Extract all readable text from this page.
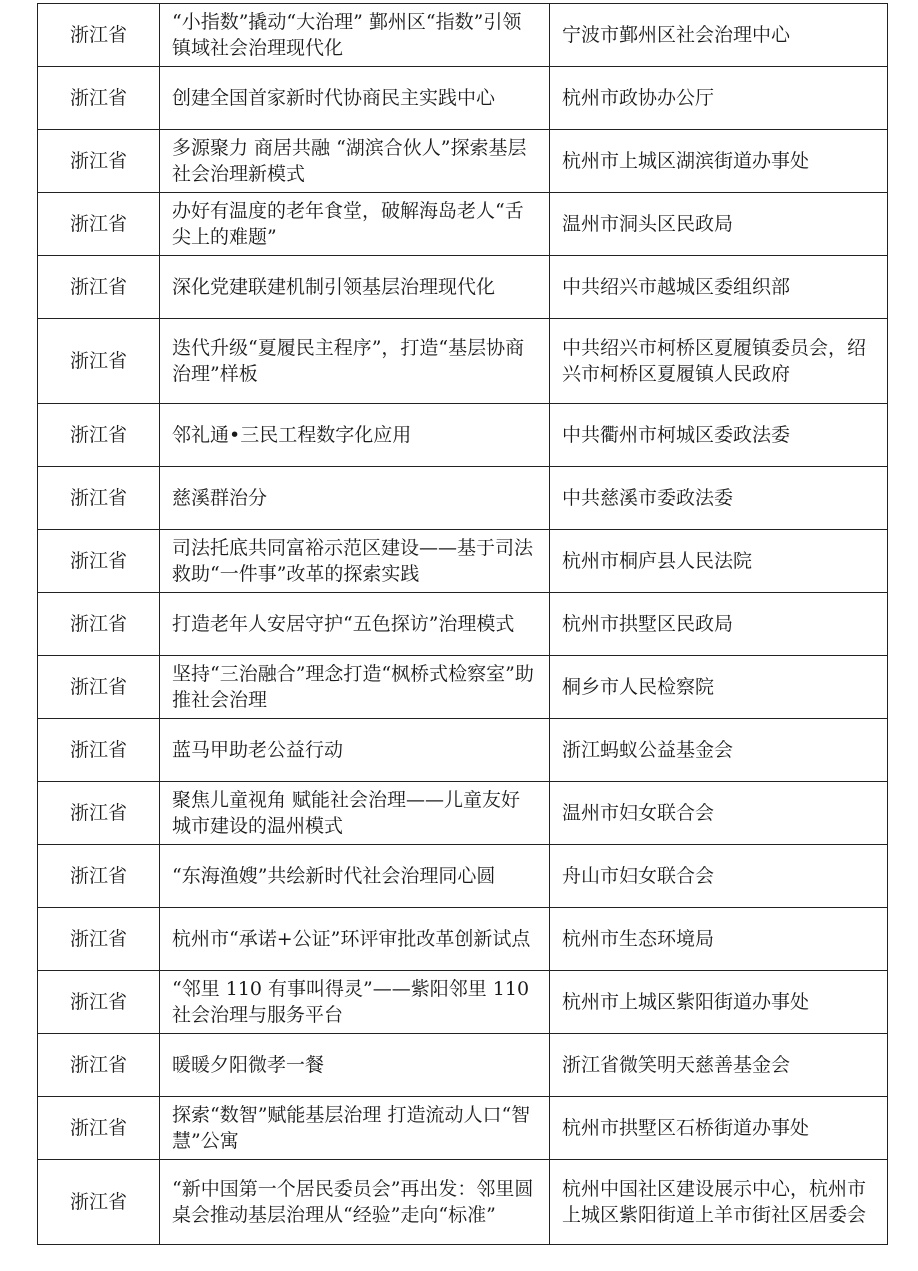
浙江省	“小指数”撬动“大治理” 鄞州区“指数”引领镇域社会治理现代化	宁波市鄞州区社会治理中心
浙江省	创建全国首家新时代协商民主实践中心	杭州市政协办公厅
浙江省	多源聚力 商居共融 “湖滨合伙人”探索基层社会治理新模式	杭州市上城区湖滨街道办事处
浙江省	办好有温度的老年食堂，破解海岛老人“舌尖上的难题”	温州市洞头区民政局
浙江省	深化党建联建机制引领基层治理现代化	中共绍兴市越城区委组织部
浙江省	迭代升级“夏履民主程序”，打造“基层协商治理”样板	中共绍兴市柯桥区夏履镇委员会，绍兴市柯桥区夏履镇人民政府
浙江省	邻礼通•三民工程数字化应用	中共衢州市柯城区委政法委
浙江省	慈溪群治分	中共慈溪市委政法委
浙江省	司法托底共同富裕示范区建设——基于司法救助“一件事”改革的探索实践	杭州市桐庐县人民法院
浙江省	打造老年人安居守护“五色探访”治理模式	杭州市拱墅区民政局
浙江省	坚持“三治融合”理念打造“枫桥式检察室”助推社会治理	桐乡市人民检察院
浙江省	蓝马甲助老公益行动	浙江蚂蚁公益基金会
浙江省	聚焦儿童视角 赋能社会治理——儿童友好城市建设的温州模式	温州市妇女联合会
浙江省	“东海渔嫂”共绘新时代社会治理同心圆	舟山市妇女联合会
浙江省	杭州市“承诺+公证”环评审批改革创新试点	杭州市生态环境局
浙江省	“邻里 110 有事叫得灵”——紫阳邻里 110 社会治理与服务平台	杭州市上城区紫阳街道办事处
浙江省	暖暖夕阳微孝一餐	浙江省微笑明天慈善基金会
浙江省	探索“数智”赋能基层治理 打造流动人口“智慧”公寓	杭州市拱墅区石桥街道办事处
浙江省	“新中国第一个居民委员会”再出发：邻里圆桌会推动基层治理从“经验”走向“标准”	杭州中国社区建设展示中心，杭州市上城区紫阳街道上羊市街社区居委会
